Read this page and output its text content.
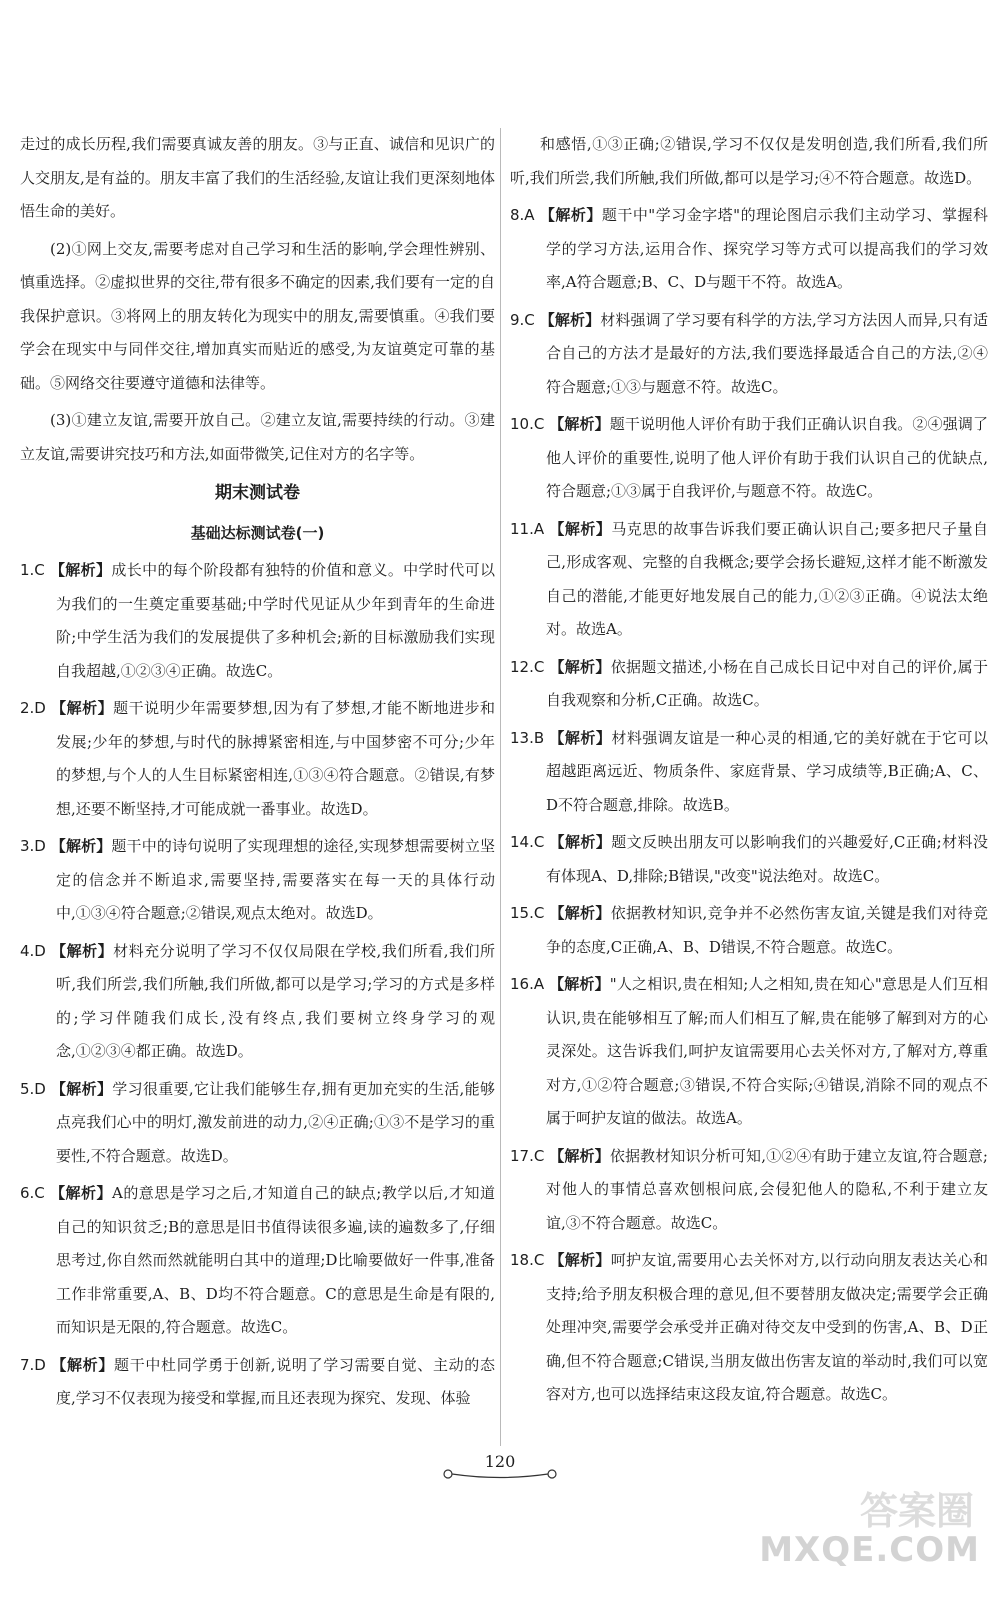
走过的成长历程,我们需要真诚友善的朋友。③与正直、诚信和见识广的人交朋友,是有益的。朋友丰富了我们的生活经验,友谊让我们更深刻地体悟生命的美好。

(2)①网上交友,需要考虑对自己学习和生活的影响,学会理性辨别、慎重选择。②虚拟世界的交往,带有很多不确定的因素,我们要有一定的自我保护意识。③将网上的朋友转化为现实中的朋友,需要慎重。④我们要学会在现实中与同伴交往,增加真实而贴近的感受,为友谊奠定可靠的基础。⑤网络交往要遵守道德和法律等。

(3)①建立友谊,需要开放自己。②建立友谊,需要持续的行动。③建立友谊,需要讲究技巧和方法,如面带微笑,记住对方的名字等。

期末测试卷
基础达标测试卷(一)

1.C 【解析】成长中的每个阶段都有独特的价值和意义。中学时代可以为我们的一生奠定重要基础;中学时代见证从少年到青年的生命进阶;中学生活为我们的发展提供了多种机会;新的目标激励我们实现自我超越,①②③④正确。故选C。

2.D 【解析】题干说明少年需要梦想,因为有了梦想,才能不断地进步和发展;少年的梦想,与时代的脉搏紧密相连,与中国梦密不可分;少年的梦想,与个人的人生目标紧密相连,①③④符合题意。②错误,有梦想,还要不断坚持,才可能成就一番事业。故选D。

3.D 【解析】题干中的诗句说明了实现理想的途径,实现梦想需要树立坚定的信念并不断追求,需要坚持,需要落实在每一天的具体行动中,①③④符合题意;②错误,观点太绝对。故选D。

4.D 【解析】材料充分说明了学习不仅仅局限在学校,我们所看,我们所听,我们所尝,我们所触,我们所做,都可以是学习;学习的方式是多样的;学习伴随我们成长,没有终点,我们要树立终身学习的观念,①②③④都正确。故选D。

5.D 【解析】学习很重要,它让我们能够生存,拥有更加充实的生活,能够点亮我们心中的明灯,激发前进的动力,②④正确;①③不是学习的重要性,不符合题意。故选D。

6.C 【解析】A的意思是学习之后,才知道自己的缺点;教学以后,才知道自己的知识贫乏;B的意思是旧书值得读很多遍,读的遍数多了,仔细思考过,你自然而然就能明白其中的道理;D比喻要做好一件事,准备工作非常重要,A、B、D均不符合题意。C的意思是生命是有限的,而知识是无限的,符合题意。故选C。

7.D 【解析】题干中杜同学勇于创新,说明了学习需要自觉、主动的态度,学习不仅表现为接受和掌握,而且还表现为探究、发现、体验

和感悟,①③正确;②错误,学习不仅仅是发明创造,我们所看,我们所听,我们所尝,我们所触,我们所做,都可以是学习;④不符合题意。故选D。

8.A 【解析】题干中"学习金字塔"的理论图启示我们主动学习、掌握科学的学习方法,运用合作、探究学习等方式可以提高我们的学习效率,A符合题意;B、C、D与题干不符。故选A。

9.C 【解析】材料强调了学习要有科学的方法,学习方法因人而异,只有适合自己的方法才是最好的方法,我们要选择最适合自己的方法,②④符合题意;①③与题意不符。故选C。

10.C 【解析】题干说明他人评价有助于我们正确认识自我。②④强调了他人评价的重要性,说明了他人评价有助于我们认识自己的优缺点,符合题意;①③属于自我评价,与题意不符。故选C。

11.A 【解析】马克思的故事告诉我们要正确认识自己;要多把尺子量自己,形成客观、完整的自我概念;要学会扬长避短,这样才能不断激发自己的潜能,才能更好地发展自己的能力,①②③正确。④说法太绝对。故选A。

12.C 【解析】依据题文描述,小杨在自己成长日记中对自己的评价,属于自我观察和分析,C正确。故选C。

13.B 【解析】材料强调友谊是一种心灵的相通,它的美好就在于它可以超越距离远近、物质条件、家庭背景、学习成绩等,B正确;A、C、D不符合题意,排除。故选B。

14.C 【解析】题文反映出朋友可以影响我们的兴趣爱好,C正确;材料没有体现A、D,排除;B错误,"改变"说法绝对。故选C。

15.C 【解析】依据教材知识,竞争并不必然伤害友谊,关键是我们对待竞争的态度,C正确,A、B、D错误,不符合题意。故选C。

16.A 【解析】"人之相识,贵在相知;人之相知,贵在知心"意思是人们互相认识,贵在能够相互了解;而人们相互了解,贵在能够了解到对方的心灵深处。这告诉我们,呵护友谊需要用心去关怀对方,了解对方,尊重对方,①②符合题意;③错误,不符合实际;④错误,消除不同的观点不属于呵护友谊的做法。故选A。

17.C 【解析】依据教材知识分析可知,①②④有助于建立友谊,符合题意;对他人的事情总喜欢刨根问底,会侵犯他人的隐私,不利于建立友谊,③不符合题意。故选C。

18.C 【解析】呵护友谊,需要用心去关怀对方,以行动向朋友表达关心和支持;给予朋友积极合理的意见,但不要替朋友做决定;需要学会正确处理冲突,需要学会承受并正确对待交友中受到的伤害,A、B、D正确,但不符合题意;C错误,当朋友做出伤害友谊的举动时,我们可以宽容对方,也可以选择结束这段友谊,符合题意。故选C。

120
答案圈
MXQE.COM
